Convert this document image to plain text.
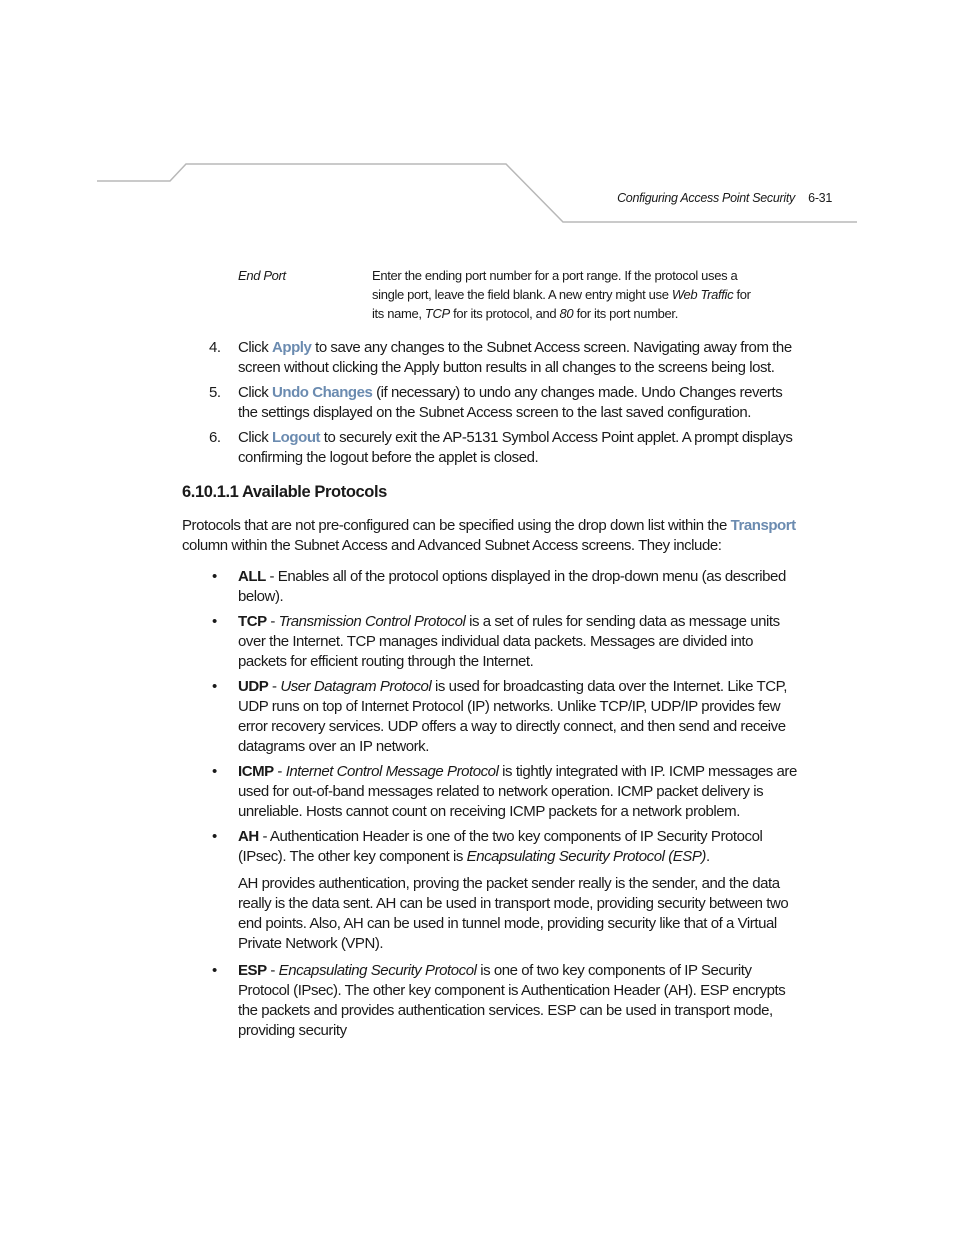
Configuring Access Point Security 6-31
End Port	Enter the ending port number for a port range. If the protocol uses a single port, leave the field blank. A new entry might use Web Traffic for its name, TCP for its protocol, and 80 for its port number.
4. Click Apply to save any changes to the Subnet Access screen. Navigating away from the screen without clicking the Apply button results in all changes to the screens being lost.
5. Click Undo Changes (if necessary) to undo any changes made. Undo Changes reverts the settings displayed on the Subnet Access screen to the last saved configuration.
6. Click Logout to securely exit the AP-5131 Symbol Access Point applet. A prompt displays confirming the logout before the applet is closed.
6.10.1.1 Available Protocols
Protocols that are not pre-configured can be specified using the drop down list within the Transport column within the Subnet Access and Advanced Subnet Access screens. They include:
• ALL - Enables all of the protocol options displayed in the drop-down menu (as described below).
• TCP - Transmission Control Protocol is a set of rules for sending data as message units over the Internet. TCP manages individual data packets. Messages are divided into packets for efficient routing through the Internet.
• UDP - User Datagram Protocol is used for broadcasting data over the Internet. Like TCP, UDP runs on top of Internet Protocol (IP) networks. Unlike TCP/IP, UDP/IP provides few error recovery services. UDP offers a way to directly connect, and then send and receive datagrams over an IP network.
• ICMP - Internet Control Message Protocol is tightly integrated with IP. ICMP messages are used for out-of-band messages related to network operation. ICMP packet delivery is unreliable. Hosts cannot count on receiving ICMP packets for a network problem.
• AH - Authentication Header is one of the two key components of IP Security Protocol (IPsec). The other key component is Encapsulating Security Protocol (ESP).
AH provides authentication, proving the packet sender really is the sender, and the data really is the data sent. AH can be used in transport mode, providing security between two end points. Also, AH can be used in tunnel mode, providing security like that of a Virtual Private Network (VPN).
• ESP - Encapsulating Security Protocol is one of two key components of IP Security Protocol (IPsec). The other key component is Authentication Header (AH). ESP encrypts the packets and provides authentication services. ESP can be used in transport mode, providing security
